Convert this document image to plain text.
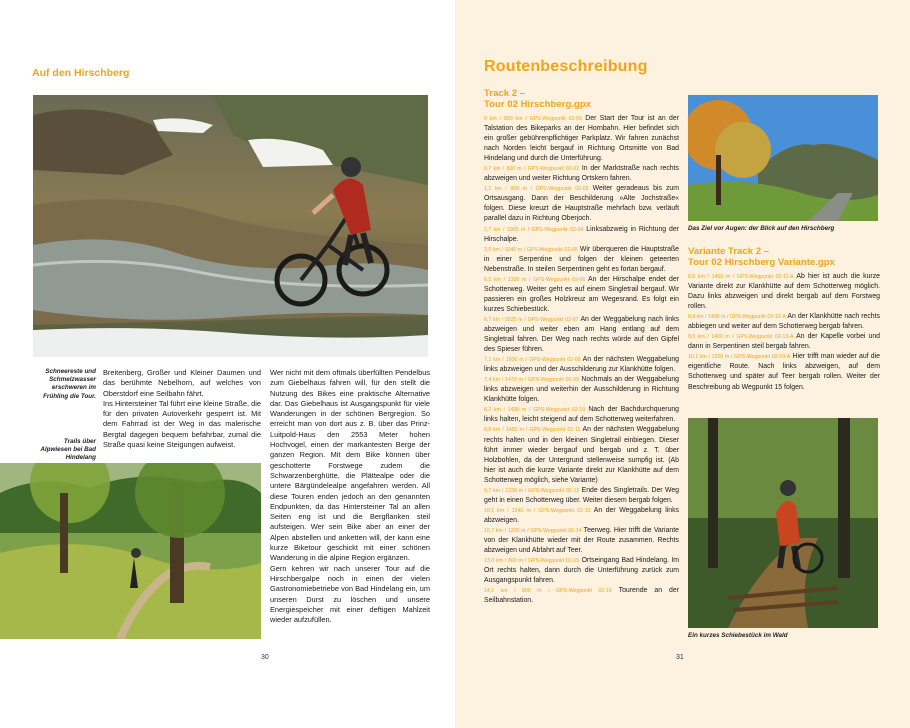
Auf den Hirschberg
Schneereste und Schmelzwasser erschweren im Frühling die Tour.
Trails über Alpwiesen bei Bad Hindelang

Breitenberg, Großer und Kleiner Daumen und das berühmte Nebelhorn, auf welches von Oberstdorf eine Seilbahn fährt.

Ins Hintersteiner Tal führt eine kleine Straße, die für den privaten Autoverkehr gesperrt ist. Mit dem Fahrrad ist der Weg in das malerische Bergtal dagegen bequem befahrbar, zumal die Straße quasi keine Steigungen aufweist.

Wer nicht mit dem oftmals überfüllten Pendelbus zum Giebelhaus fahren will, für den stellt die Nutzung des Bikes eine praktische Alternative dar. Das Giebelhaus ist Ausgangspunkt für viele Wanderungen in der schönen Bergregion. So erreicht man von dort aus z. B. über das Prinz-Luitpold-Haus den 2553 Meter hohen Hochvogel, einen der markantesten Berge der ganzen Region. Mit dem Bike können über geschotterte Forstwege zudem die Schwarzenberghütte, die Plättealpe oder die untere Bärgündelealpe angefahren werden. All diese Touren enden jedoch an den genannten Endpunkten, da das Hintersteiner Tal an allen Seiten eng ist und die Bergflanken steil aufsteigen. Wer sein Bike aber an einer der Alpen abstellen und anketten will, der kann eine kurze Biketour geschickt mit einer schönen Wanderung in die alpine Region ergänzen.

Gern kehren wir nach unserer Tour auf die Hirschbergalpe noch in einen der vielen Gastronomiebetriebe von Bad Hindelang ein, um unseren Durst zu löschen und unsere Energiespeicher mit einer deftigen Mahlzeit wieder aufzufüllen.

30
Routenbeschreibung
Track 2 –
Tour 02 Hirschberg.gpx

0 km / 880 km / GPS-Wegpunkt 02-01 Der Start der Tour ist an der Talstation des Bikeparks an der Hornbahn. Hier befindet sich ein großer gebührenpflichtiger Parkplatz. Wir fahren zunächst nach Norden leicht bergauf in Richtung Ortsmitte von Bad Hindelang und durch die Unterführung.

0,7 km / 820 m / GPS-Wegpunkt 02-02 In der Marktstraße nach rechts abzweigen und weiter Richtung Ortskern fahren.

1,2 km / 850 m / GPS-Wegpunkt 02-03 Weiter geradeaus bis zum Ortsausgang. Dann der Beschilderung »Alte Jochstraße« folgen. Diese kreuzt die Hauptstraße mehrfach bzw. verläuft parallel dazu in Richtung Oberjoch.

2,7 km / 1000 m / GPS-Wegpunkt 02-04 Linksabzweig in Richtung der Hirschalpe.

3,0 km / 1040 m / GPS-Wegpunkt 02-05 Wir überqueren die Hauptstraße in einer Serpentine und folgen der kleinen geteerten Nebenstraße. In steilen Serpentinen geht es fortan bergauf.

6,5 km / 1330 m / GPS-Wegpunkt 02-06 An der Hirschalpe endet der Schotterweg. Weiter geht es auf einem Singletrail bergauf. Wir passieren ein großes Holzkreuz am Wegesrand. Es folgt ein kurzes Schiebestück.

6,7 km / 1525 m / GPS-Wegpunkt 02-07 An der Weggabelung nach links abzweigen und weiter eben am Hang entlang auf dem Singletrail fahren. Der Weg nach rechts würde auf den Gipfel des Spieser führen.

7,1 km / 1500 m / GPS-Wegpunkt 02-08 An der nächsten Weggabelung links abzweigen und der Ausschilderung zur Klankhütte folgen.

7,4 km / 1473 m / GPS-Wegpunkt 02-09 Nochmals an der Weggabelung links abzweigen und weiterhin der Ausschilderung in Richtung Klankhütte folgen.

8,2 km / 1430 m / GPS-Wegpunkt 02-10 Nach der Bachdurchquerung links halten, leicht steigend auf dem Schotterweg weiterfahren.

8,8 km / 1450 m / GPS-Wegpunkt 02-11 An der nächsten Weggabelung rechts halten und in den kleinen Singletrail einbiegen. Dieser führt immer wieder bergauf und bergab und z. T. über Holzbohlen, da der Untergrund stellenweise sumpfig ist. (Ab hier ist auch die kurze Variante direkt zur Klankhütte auf dem Schotterweg möglich, siehe Variante)

9,7 km / 1330 m / GPS-Wegpunkt 02-12 Ende des Singletrails. Der Weg geht in einen Schotterweg über. Weiter diesem bergab folgen.

10,1 km / 1240 m / GPS-Wegpunkt 02-13 An der Weggabelung links abzweigen.

10,7 km / 1200 m / GPS-Wegpunkt 02-14 Teerweg. Hier trifft die Variante von der Klankhütte wieder mit der Route zusammen. Rechts abzweigen und Abfahrt auf Teer.

13,0 km / 860 m / GPS-Wegpunkt 02-15 Ortseingang Bad Hindelang. Im Ort rechts halten, dann durch die Unterführung zurück zum Ausgangspunkt fahren.

14,1 km / 800 m / GPS-Wegpunkt 02-16 Tourende an der Seilbahnstation.

Das Ziel vor Augen: der Blick auf den Hirschberg
Variante Track 2 –
Tour 02 Hirschberg Variante.gpx

8,5 km / 1450 m / GPS-Wegpunkt 02-11-A Ab hier ist auch die kurze Variante direkt zur Klankhütte auf dem Schotterweg möglich. Dazu links abzweigen und direkt bergab auf dem Forstweg rollen.

8,8 km / 1406 m / GPS-Wegpunkt 02-12-A An der Klankhütte nach rechts abbiegen und weiter auf dem Schotterweg bergab fahren.

9,0 km / 1400 m / GPS-Wegpunkt 02-13-A An der Kapelle vorbei und dann in Serpentinen steil bergab fahren.

10,1 km / 1200 m / GPS-Wegpunkt 02-14-A Hier trifft man wieder auf die eigentliche Route. Nach links abzweigen, auf dem Schotterweg und später auf Teer bergab rollen. Weiter der Beschreibung ab Wegpunkt 15 folgen.

Ein kurzes Schiebestück im Wald
31
